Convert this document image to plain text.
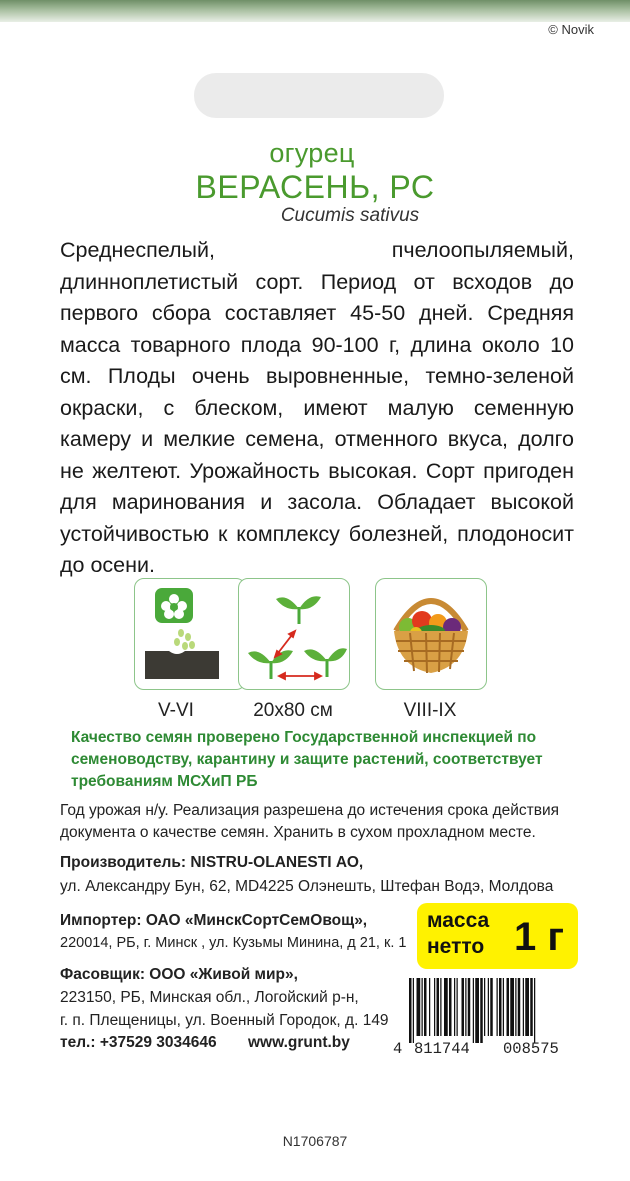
© Novik
огурец
ВЕРАСЕНЬ, РС
Cucumis sativus
Среднеспелый, пчелоопыляемый, длинноплетистый сорт. Период от всходов до первого сбора составляет 45-50 дней. Средняя масса товарного плода 90-100 г, длина около 10 см. Плоды очень выровненные, темно-зеленой окраски, с блеском, имеют малую семенную камеру и мелкие семена, отменного вкуса, долго не желтеют. Урожайность высокая. Сорт пригоден для маринования и засола. Обладает высокой устойчивостью к комплексу болезней, плодоносит до осени.
V-VI	20х80 см	VIII-IX
Качество семян проверено Государственной инспекцией по семеноводству, карантину и защите растений, соответствует требованиям МСХиП РБ
Год урожая н/у. Реализация разрешена до истечения срока действия документа о качестве семян. Хранить в сухом прохладном месте.
Производитель: NISTRU-OLANESTI АО,
ул. Александру Бун, 62, MD4225 Олэнешть, Штефан Водэ, Молдова
Импортер: ОАО «МинскСортСемОвощ»,
220014, РБ, г. Минск , ул. Кузьмы Минина, д 21, к. 1
Фасовщик: ООО «Живой мир»,
223150, РБ, Минская обл., Логойский р-н,
г. п. Плещеницы, ул. Военный Городок, д. 149
тел.: +37529 3034646 www.grunt.by
масса
нетто 1 г
4 811744 008575
N1706787
